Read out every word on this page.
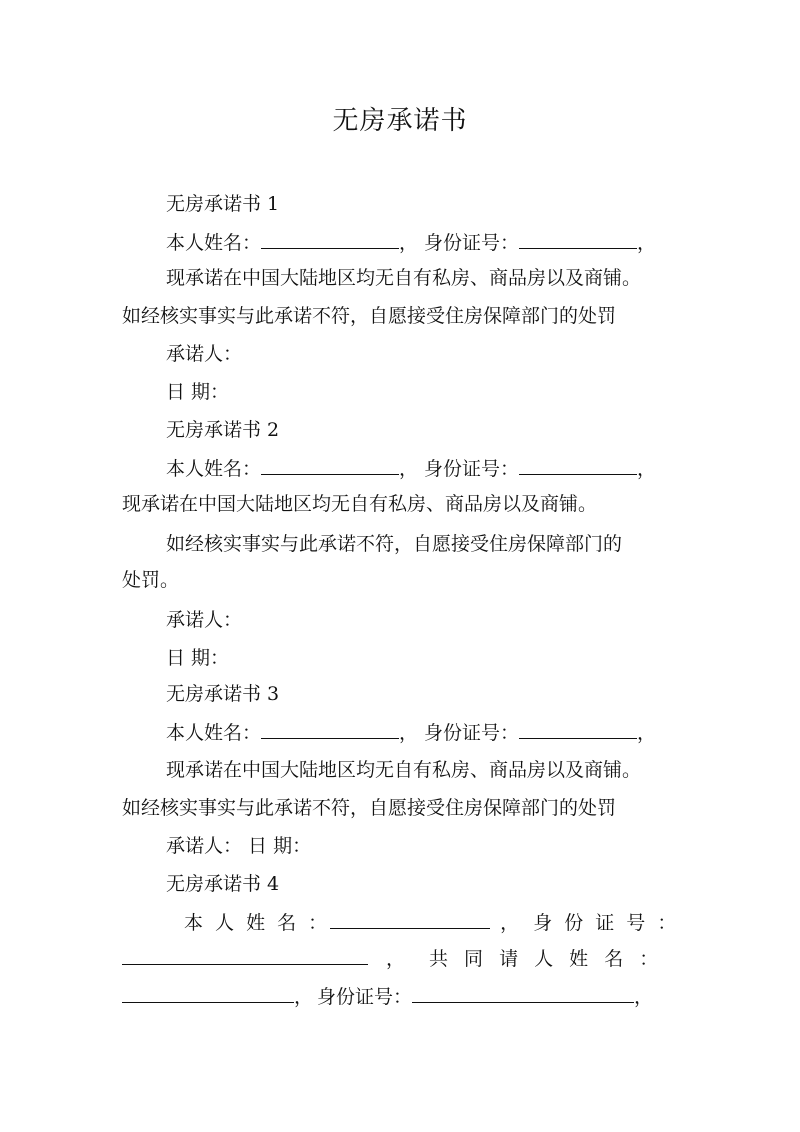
无房承诺书
无房承诺书 1
本人姓名：	， 身份证号：	，
现承诺在中国大陆地区均无自有私房、商品房以及商铺。
如经核实事实与此承诺不符，自愿接受住房保障部门的处罚
承诺人：
日 期：
无房承诺书 2
本人姓名：	， 身份证号：	，
现承诺在中国大陆地区均无自有私房、商品房以及商铺。
如经核实事实与此承诺不符，自愿接受住房保障部门的
处罚。
承诺人：
日 期：
无房承诺书 3
本人姓名：	， 身份证号：	，
现承诺在中国大陆地区均无自有私房、商品房以及商铺。
如经核实事实与此承诺不符，自愿接受住房保障部门的处罚
承诺人： 日 期：
无房承诺书 4
本 人 姓 名 ：	， 身 份 证 号 ：
， 共 同 请 人 姓 名 ：
， 身份证号：	，
